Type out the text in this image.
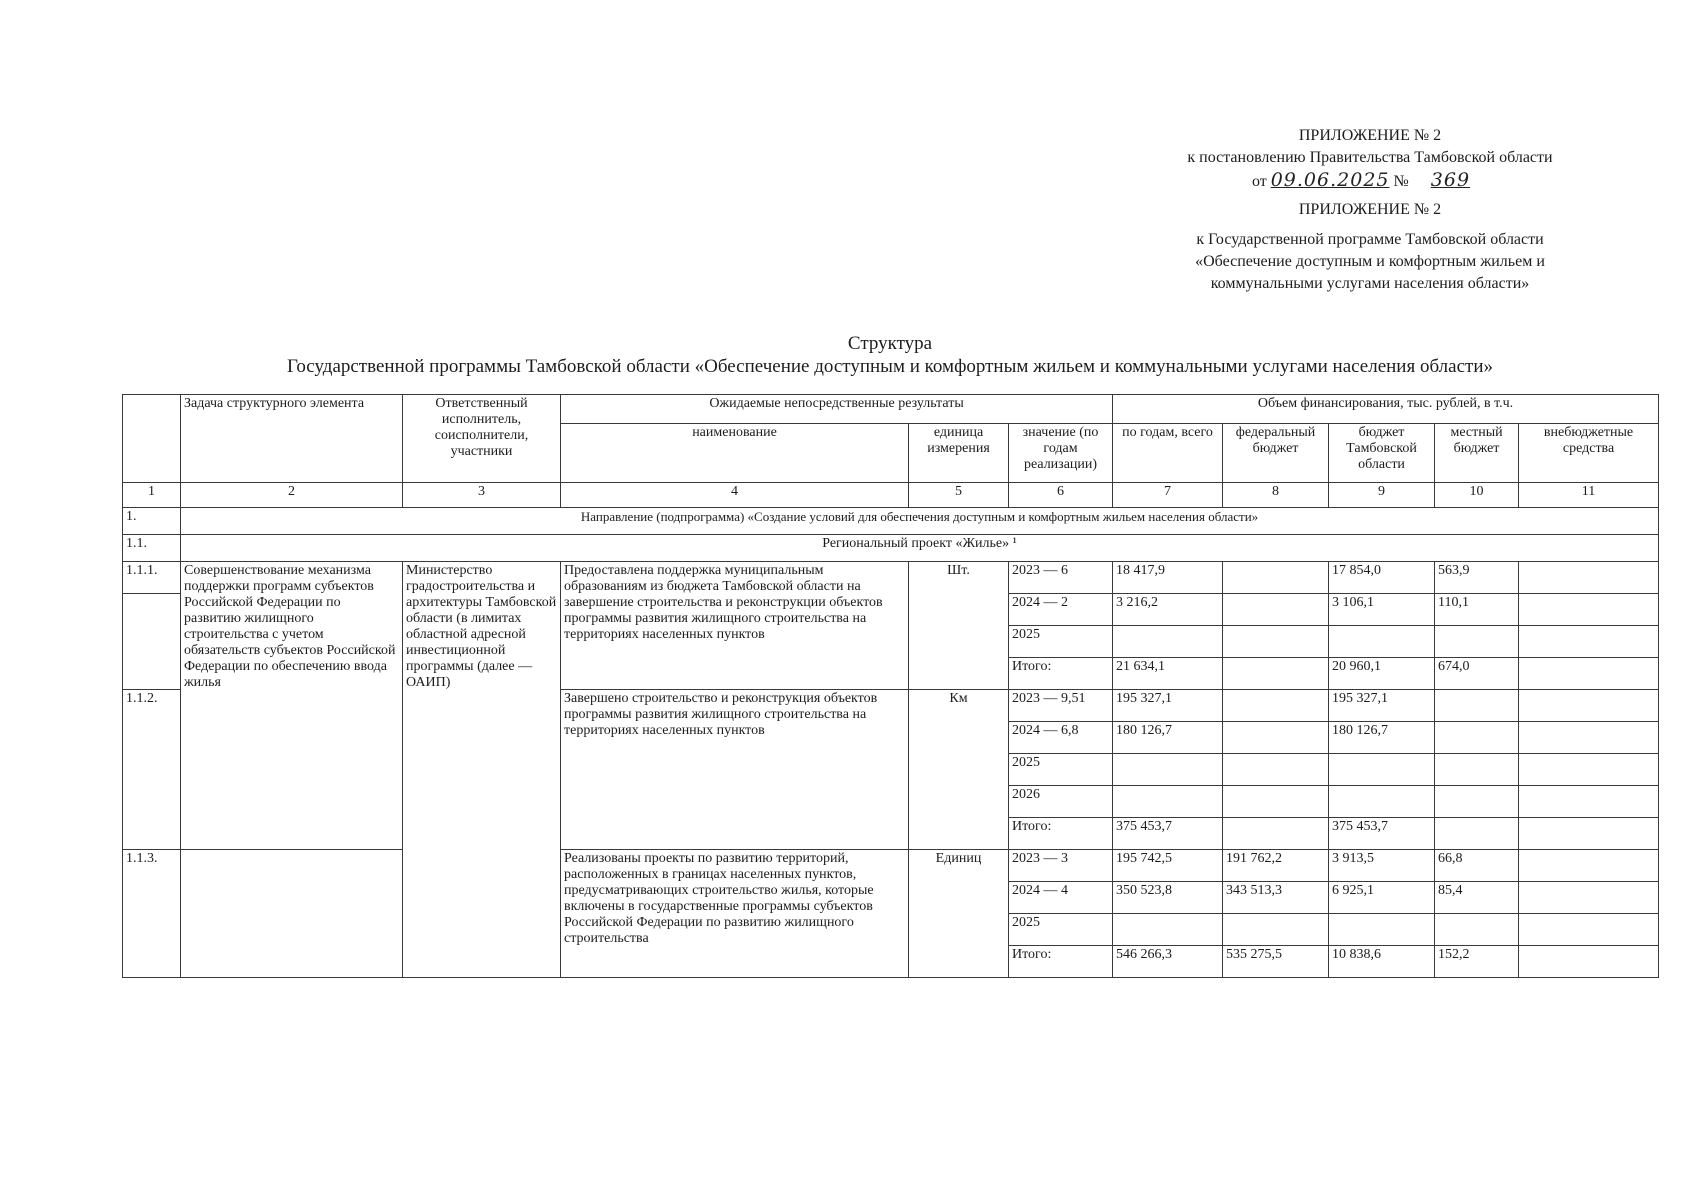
ПРИЛОЖЕНИЕ № 2
к постановлению Правительства Тамбовской области
от 09.06.2025 № 369
ПРИЛОЖЕНИЕ № 2
к Государственной программе Тамбовской области
«Обеспечение доступным и комфортным жильем и
коммунальными услугами населения области»
Структура
Государственной программы Тамбовской области «Обеспечение доступным и комфортным жильем и коммунальными услугами населения области»
	Задача структурного элемента	Ответственный исполнитель, соисполнители, участники	Ожидаемые непосредственные результаты			Объем финансирования, тыс. рублей, в т.ч.				
			наименование	единица измерения	значение (по годам реализации)	по годам, всего	федеральный бюджет	бюджет Тамбовской области	местный бюджет	внебюджетные средства
1	2	3	4	5	6	7	8	9	10	11
1.	Направление (подпрограмма) «Создание условий для обеспечения доступным и комфортным жильем населения области»									
1.1.	Региональный проект «Жилье» ¹									
1.1.1.	Совершенствование механизма поддержки программ субъектов Российской Федерации по развитию жилищного строительства с учетом обязательств субъектов Российской Федерации по обеспечению ввода жилья	Министерство градостроительства и архитектуры Тамбовской области (в лимитах областной адресной инвестиционной программы (далее — ОАИП)	Предоставлена поддержка муниципальным образованиям из бюджета Тамбовской области на завершение строительства и реконструкции объектов программы развития жилищного строительства на территориях населенных пунктов	Шт.	2023 — 6	18 417,9		17 854,0	563,9	
					2024 — 2	3 216,2		3 106,1	110,1	
					2025					
					Итого:	21 634,1		20 960,1	674,0	
1.1.2.			Завершено строительство и реконструкция объектов программы развития жилищного строительства на территориях населенных пунктов	Км	2023 — 9,51	195 327,1		195 327,1		
					2024 — 6,8	180 126,7		180 126,7		
					2025					
					2026					
					Итого:	375 453,7		375 453,7		
1.1.3.			Реализованы проекты по развитию территорий, расположенных в границах населенных пунктов, предусматривающих строительство жилья, которые включены в государственные программы субъектов Российской Федерации по развитию жилищного строительства	Единиц	2023 — 3	195 742,5	191 762,2	3 913,5	66,8	
					2024 — 4	350 523,8	343 513,3	6 925,1	85,4	
					2025					
					Итого:	546 266,3	535 275,5	10 838,6	152,2	
